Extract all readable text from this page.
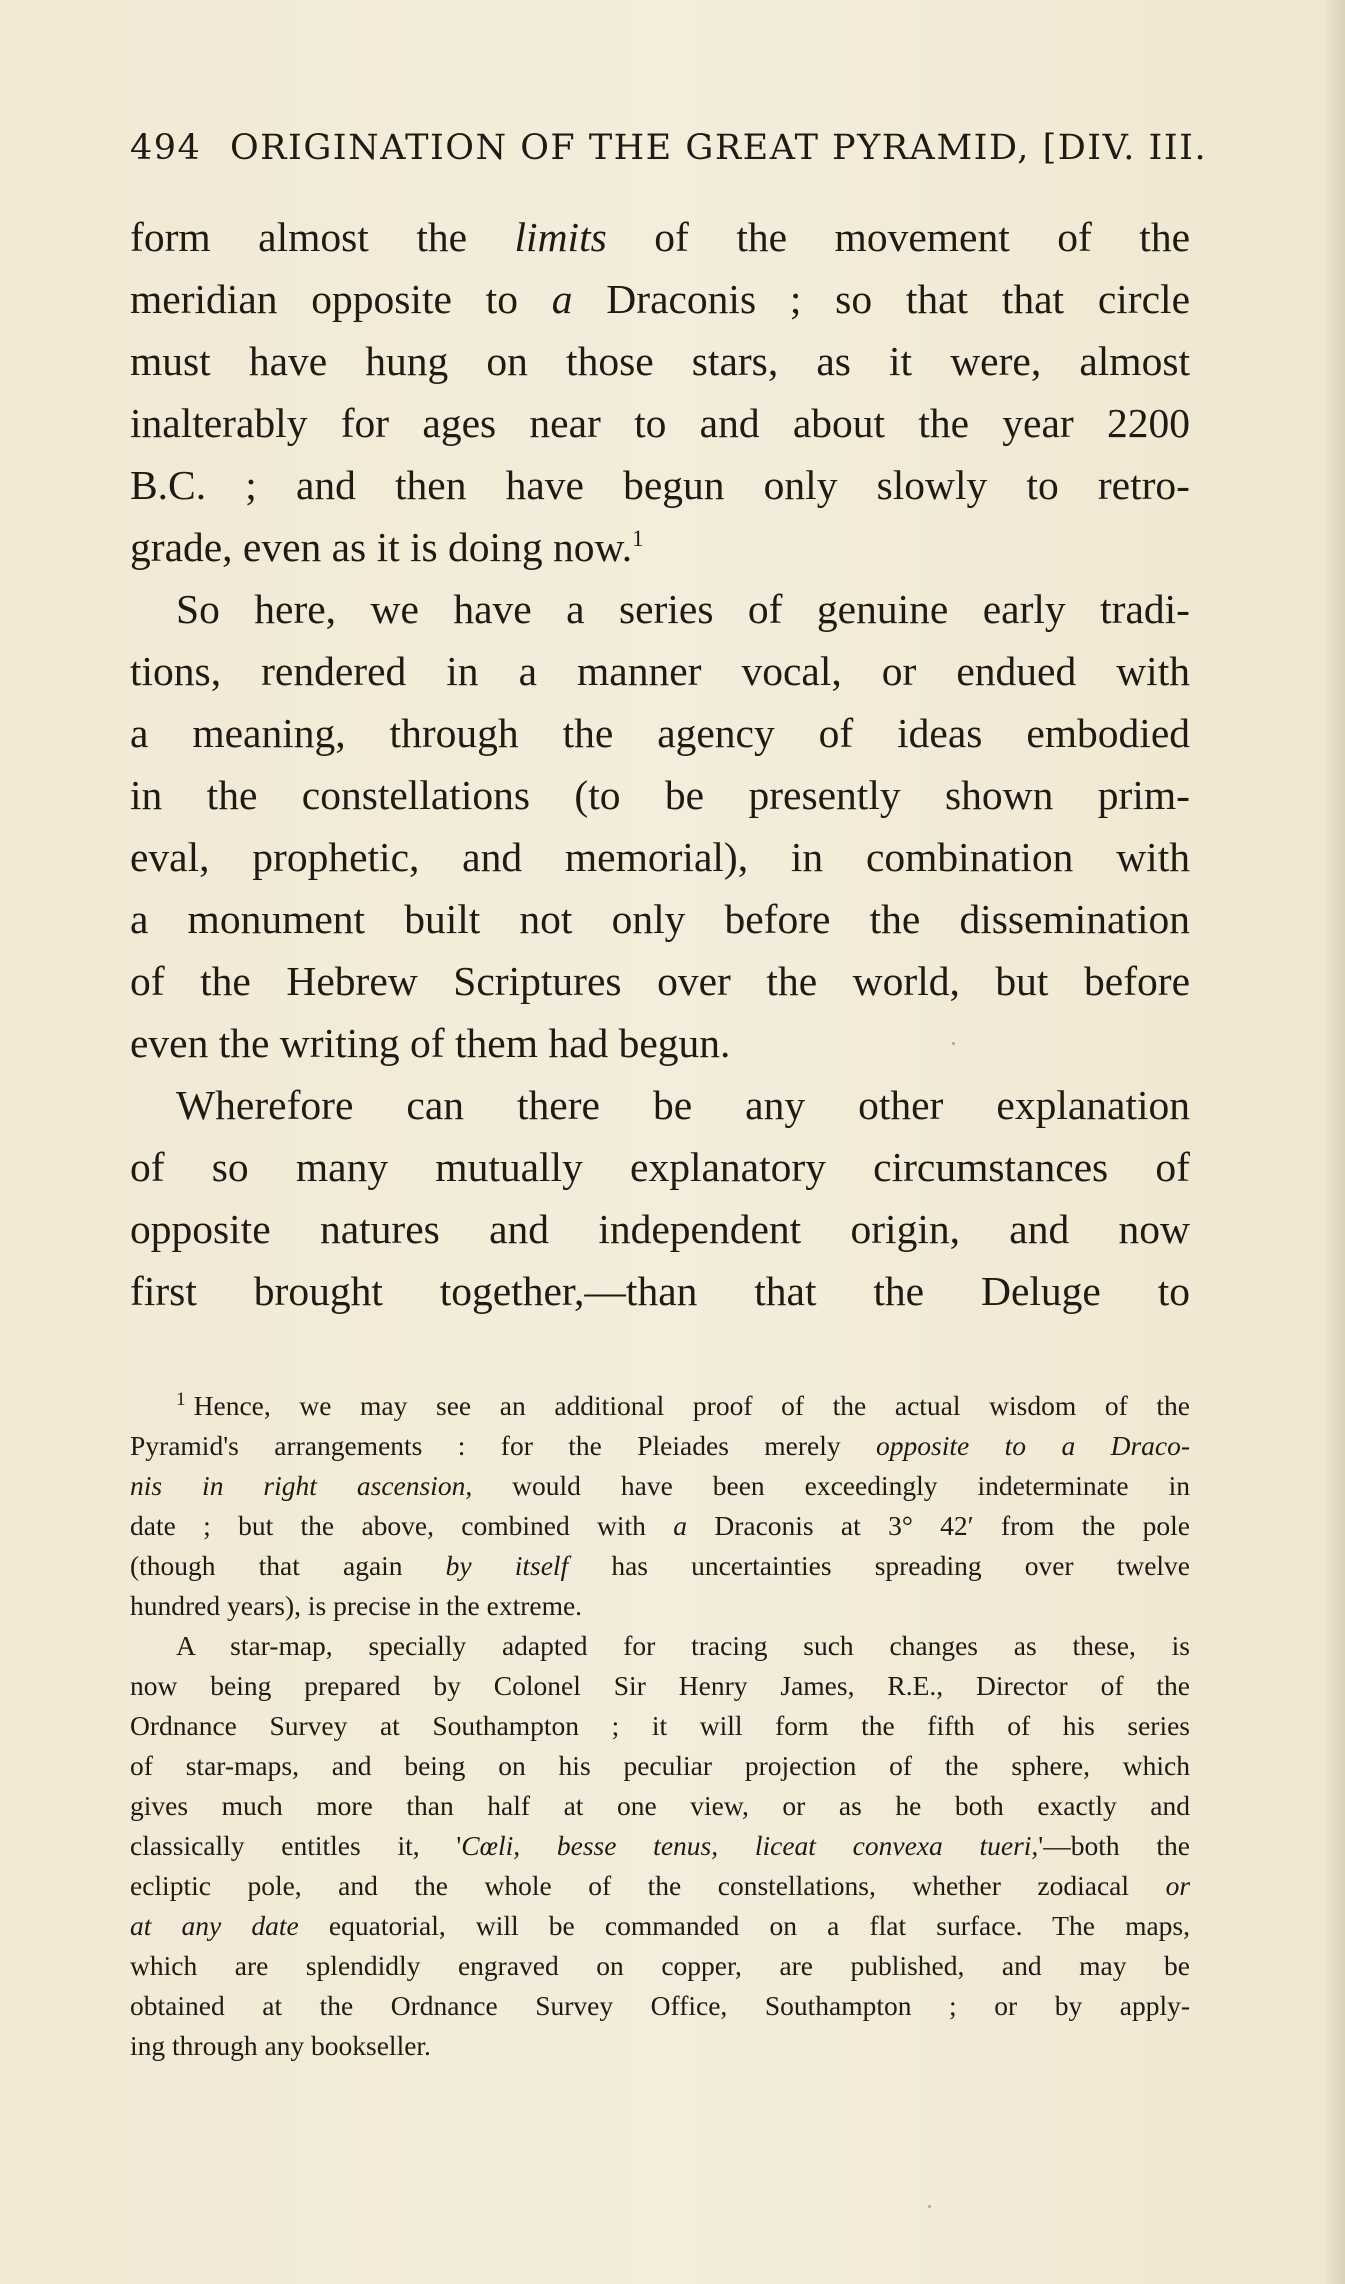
494 ORIGINATION OF THE GREAT PYRAMID, [DIV. III.
form almost the limits of the movement of the
meridian opposite to a Draconis ; so that that circle
must have hung on those stars, as it were, almost
inalterably for ages near to and about the year 2200
B.C. ; and then have begun only slowly to retro-
grade, even as it is doing now.$^1$
So here, we have a series of genuine early tradi-
tions, rendered in a manner vocal, or endued with
a meaning, through the agency of ideas embodied
in the constellations (to be presently shown prim-
eval, prophetic, and memorial), in combination with
a monument built not only before the dissemination
of the Hebrew Scriptures over the world, but before
even the writing of them had begun.
Wherefore can there be any other explanation
of so many mutually explanatory circumstances of
opposite natures and independent origin, and now
first brought together,—than that the Deluge to
$^1$ Hence, we may see an additional proof of the actual wisdom of the
Pyramid's arrangements : for the Pleiades merely opposite to a Draco-
nis in right ascension, would have been exceedingly indeterminate in
date ; but the above, combined with a Draconis at 3° 42′ from the pole
(though that again by itself has uncertainties spreading over twelve
hundred years), is precise in the extreme.
A star-map, specially adapted for tracing such changes as these, is
now being prepared by Colonel Sir Henry James, R.E., Director of the
Ordnance Survey at Southampton ; it will form the fifth of his series
of star-maps, and being on his peculiar projection of the sphere, which
gives much more than half at one view, or as he both exactly and
classically entitles it, 'Cœli, besse tenus, liceat convexa tueri,'—both the
ecliptic pole, and the whole of the constellations, whether zodiacal or
at any date equatorial, will be commanded on a flat surface. The maps,
which are splendidly engraved on copper, are published, and may be
obtained at the Ordnance Survey Office, Southampton ; or by apply-
ing through any bookseller.
